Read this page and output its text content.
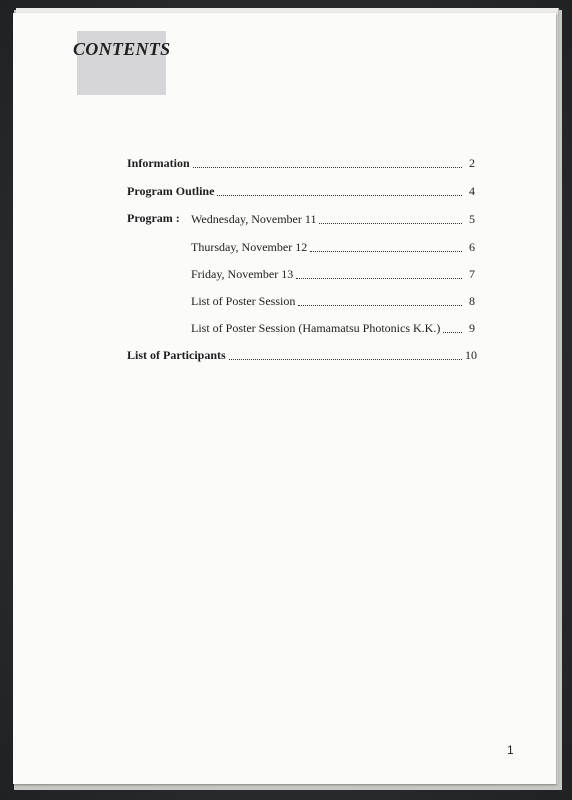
CONTENTS
Information	2
Program Outline	4
Program : Wednesday, November 11	5
Thursday, November 12	6
Friday, November 13	7
List of Poster Session	8
List of Poster Session (Hamamatsu Photonics K.K.)	9
List of Participants	10
1
